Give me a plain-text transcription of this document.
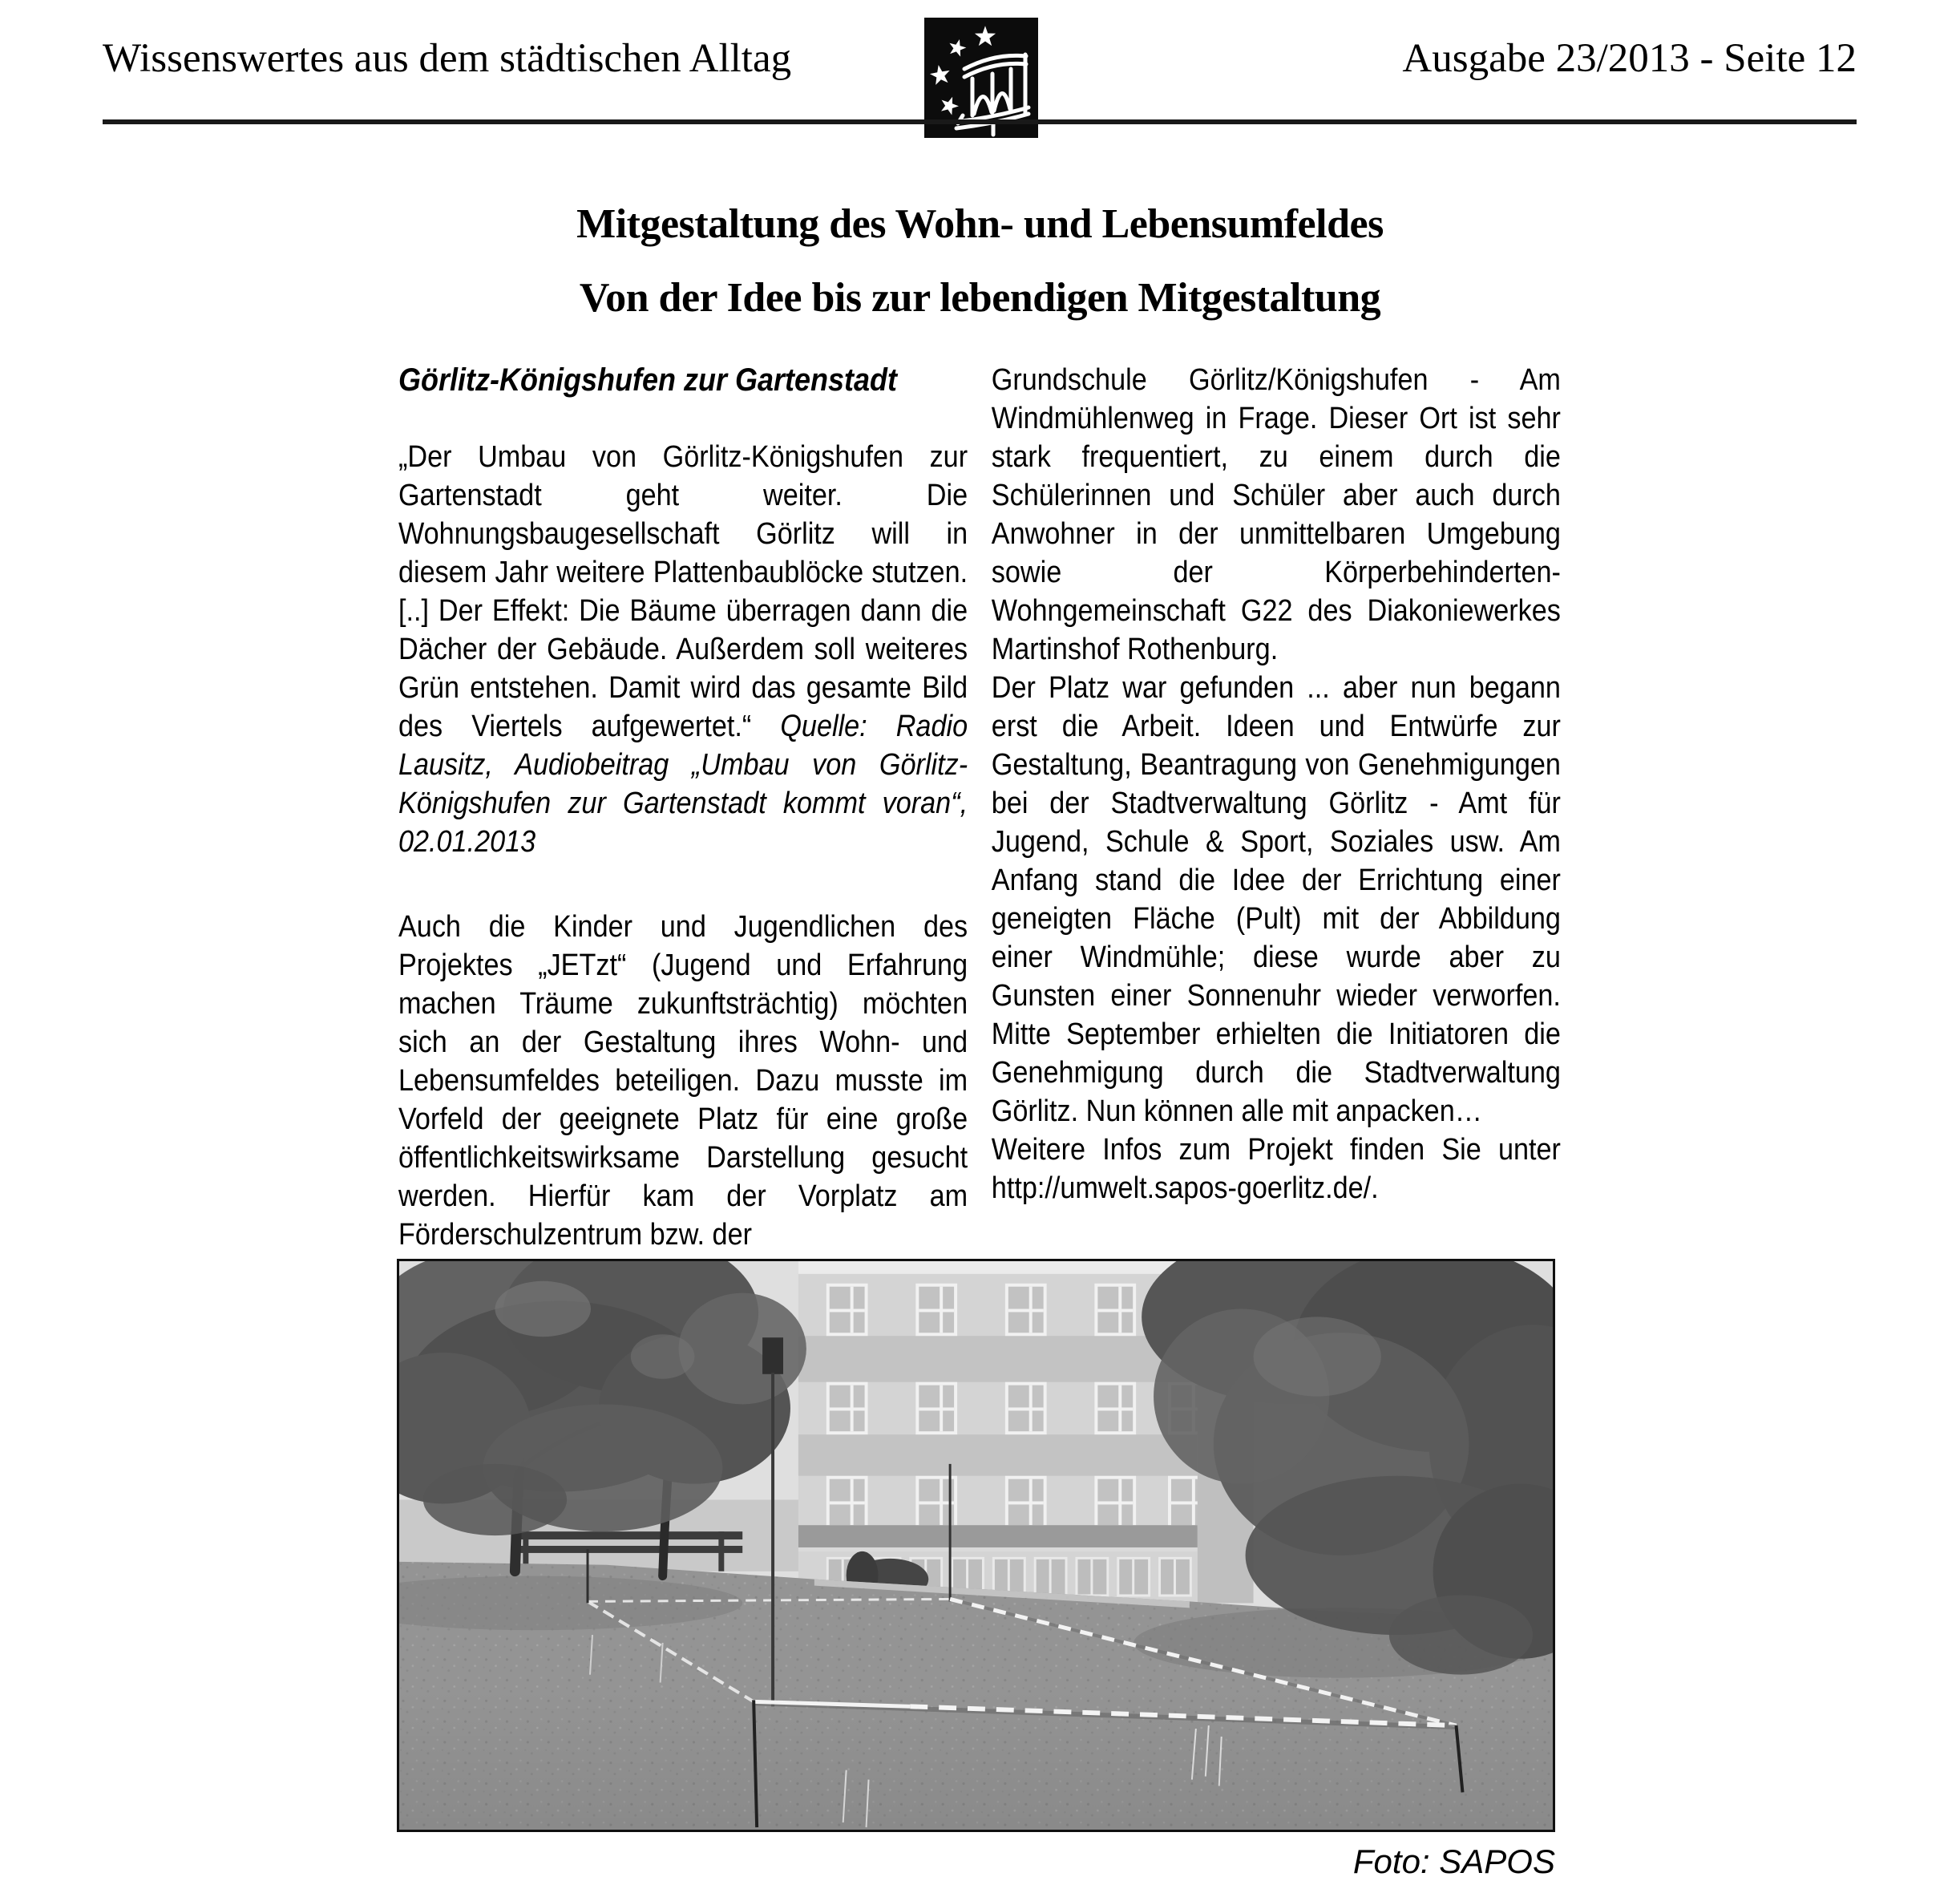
Wissenswertes aus dem städtischen Alltag	Ausgabe 23/2013 - Seite 12
Mitgestaltung des Wohn- und Lebensumfeldes
Von der Idee bis zur lebendigen Mitgestaltung

Görlitz-Königshufen zur Gartenstadt

„Der Umbau von Görlitz-Königshufen zur Gartenstadt geht weiter. Die Wohnungsbaugesellschaft Görlitz will in diesem Jahr weitere Plattenbaublöcke stutzen. [..] Der Effekt: Die Bäume überragen dann die Dächer der Gebäude. Außerdem soll weiteres Grün entstehen. Damit wird das gesamte Bild des Viertels aufgewertet.“ Quelle: Radio Lausitz, Audiobeitrag „Umbau von Görlitz-Königshufen zur Gartenstadt kommt voran“, 02.01.2013

Auch die Kinder und Jugendlichen des Projektes „JETzt“ (Jugend und Erfahrung machen Träume zukunftsträchtig) möchten sich an der Gestaltung ihres Wohn- und Lebensumfeldes beteiligen. Dazu musste im Vorfeld der geeignete Platz für eine große öffentlichkeitswirksame Darstellung gesucht werden. Hierfür kam der Vorplatz am Förderschulzentrum bzw. der

Grundschule Görlitz/Königshufen - Am Windmühlenweg in Frage. Dieser Ort ist sehr stark frequentiert, zu einem durch die Schülerinnen und Schüler aber auch durch Anwohner in der unmittelbaren Umgebung sowie der Körperbehinderten-Wohngemeinschaft G22 des Diakoniewerkes Martinshof Rothenburg.

Der Platz war gefunden ... aber nun begann erst die Arbeit. Ideen und Entwürfe zur Gestaltung, Beantragung von Genehmigungen bei der Stadtverwaltung Görlitz - Amt für Jugend, Schule & Sport, Soziales usw. Am Anfang stand die Idee der Errichtung einer geneigten Fläche (Pult) mit der Abbildung einer Windmühle; diese wurde aber zu Gunsten einer Sonnenuhr wieder verworfen. Mitte September erhielten die Initiatoren die Genehmigung durch die Stadtverwaltung Görlitz. Nun können alle mit anpacken…

Weitere Infos zum Projekt finden Sie unter http://umwelt.sapos-goerlitz.de/.

Foto: SAPOS
